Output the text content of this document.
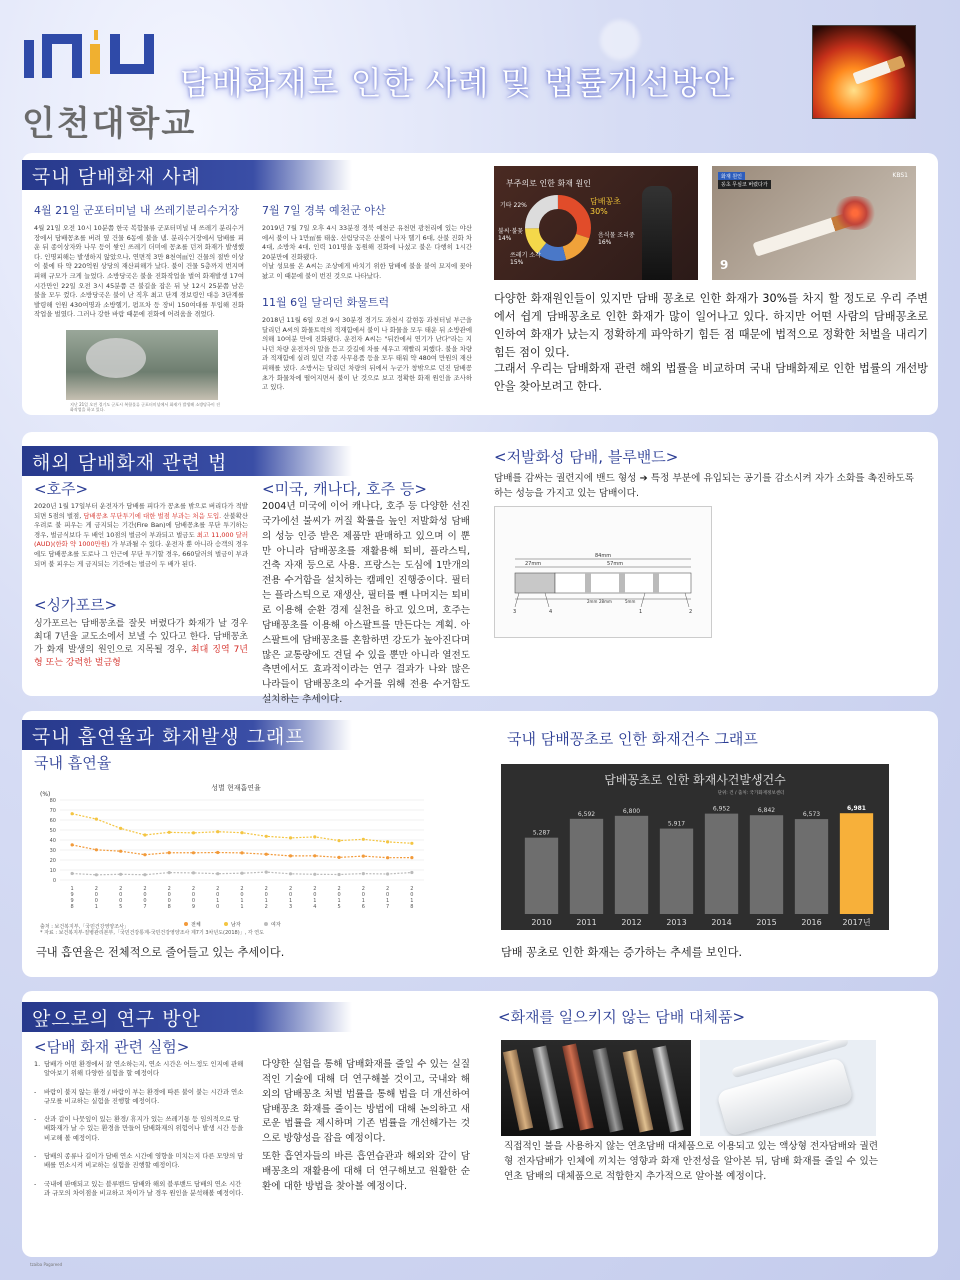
인천대학교
담배화재로 인한 사례 및 법률개선방안
국내 담배화재 사례
4월 21일 군포터미널 내 쓰레기분리수거장
4월 21일 오전 10시 10분쯤 한국 복합물류 군포터미널 내 쓰레기 분리수거장에서 담배꽁초를 버려 옆 건물 6동에 불을 냄. 분리수거장에서 담배를 피운 뒤 종이상자와 나무 등이 쌓인 쓰레기 더미에 꽁초를 던져 화재가 발생했다. 인명피해는 발생하지 않았으나, 연면적 3만 8천여㎡인 건물의 절반 이상이 불에 타 약 220억원 상당의 재산피해가 났다. 불이 건물 5층까지 번지며 피해 규모가 크게 늘었다. 소방당국은 불을 진화작업을 벌여 화재발생 17여시간만인 22일 오전 3시 45분쯤 큰 불길을 잡은 뒤 낮 12시 25분쯤 남은 불을 모두 껐다. 소방당국은 불이 난 직후 최고 단계 경보령인 대응 3단계를 발령해 인원 430여명과 소방헬기, 펌프차 등 장비 150여대를 투입해 진화작업을 벌였다. 그러나 강한 바람 때문에 진화에 어려움을 겪었다.
지난 21일 오전 경기도 군포시 복합물류 군포터미널에서 화재가 발생해 소방당국이 진화작업을 하고 있다.
7월 7일 경북 예천군 야산
2019년 7월 7일 오후 4시 33분경 경북 예천군 유천면 광천리에 있는 야산에서 불이 나 1만㎡를 태움. 산림당국은 산불이 나자 헬기 6대, 산불 진화 차 4대, 소방차 4대, 인력 101명을 동원해 진화에 나섰고 불은 다행히 1시간 20분만에 진화됐다.
이날 성묘를 온 A씨는 조상에게 바치기 위한 담배에 불을 붙여 묘지에 꽂아 놨고 이 때문에 불이 번진 것으로 나타났다.
11월 6일 달리던 화물트럭
2018년 11월 6일 오전 9시 30분경 경기도 과천시 갈현동 과천터널 부근을 달리던 A씨의 화물트럭의 적재함에서 불이 나 화물을 모두 태운 뒤 소방관에 의해 10여분 만에 진화됐다. 운전자 A씨는 "뒤칸에서 연기가 난다"라는 지나던 차량 운전자의 말을 듣고 갓길에 차를 세우고 재빨리 피했다. 불을 차량과 적재함에 실려 있던 각종 사무용품 등을 모두 태워 약 480여 만원의 재산피해를 냈다. 소방서는 달리던 차량의 뒤에서 누군가 창밖으로 던진 담배꽁초가 화물차에 떨어지면서 불이 난 것으로 보고 정확한 화재 원인을 조사하고 있다.
부주의로 인한 화재 원인
기타 22%
불씨·불꽃 14%
쓰레기 소각 15%
음식물 조리중 16%
담배꽁초 30%
화재 원인
꽁초 무심코 버렸다가
KBS1
9
다양한 화재원인들이 있지만 담배 꽁초로 인한 화재가 30%를 차지 할 정도로 우리 주변에서 쉽게 담배꽁초로 인한 화재가 많이 일어나고 있다. 하지만 어떤 사람의 담배꽁초로 인하여 화재가 났는지 정확하게 파악하기 힘든 점 때문에 법적으로 정확한 처벌을 내리기 힘든 점이 있다.
그래서 우리는 담배화재 관련 해외 법률을 비교하며 국내 담배화제로 인한 법률의 개선방안을 찾아보려고 한다.
해외 담배화재 관련 법
<호주>
2020년 1월 17일부터 운전자가 담배를 피다가 꽁초를 밖으로 버리다가 적발되면 5점의 벌점, 담배꽁초 무단투기에 대한 벌점 부과는 처음 도입. 산불확산 우려로 불 피우는 게 금지되는 기간(Fire Ban)에 담배꽁초를 무단 투기하는 경우, 벌금식보다 두 배인 10점의 벌금이 부과되고 벌금도 최고 11,000 달러(AUD)(한화 약 1000만원) 가 부과될 수 있다. 운전자 뿐 아니라 승객의 경우에도 담배꽁초를 도로나 그 인근에 무단 투기할 경우, 660달러의 벌금이 부과되며 불 피우는 게 금지되는 기간에는 벌금이 두 배가 된다.
<싱가포르>
싱가포르는 담배꽁초를 잘못 버렸다가 화재가 날 경우 최대 7년을 교도소에서 보낼 수 있다고 한다. 담배꽁초가 화재 발생의 원인으로 지목될 경우, 최대 징역 7년형 또는 강력한 벌금형
<미국, 캐나다, 호주 등>
2004년 미국에 이어 캐나다, 호주 등 다양한 선진국가에선 불씨가 꺼질 확률을 높인 저발화성 담배의 성능 인증 받은 제품만 판매하고 있으며 이 뿐만 아니라 담배꽁초를 재활용해 퇴비, 플라스틱, 건축 자재 등으로 사용. 프랑스는 도심에 1만개의 전용 수거함을 설치하는 캠페인 진행중이다. 필터는 플라스틱으로 재생산, 필터를 뺀 나머지는 퇴비로 이용해 순환 경제 실천을 하고 있으며, 호주는 담배꽁초를 이용해 아스팔트를 만든다는 계획. 아스팔트에 담배꽁초를 혼합하면 강도가 높아진다며 많은 교통량에도 견딜 수 있을 뿐만 아니라 열전도 측면에서도 효과적이라는 연구 결과가 나와 많은 나라들이 담배꽁초의 수거를 위해 전용 수거함도 설치하는 추세이다.
<저발화성 담배, 블루밴드>
담배를 감싸는 궐련지에 밴드 형성 ➔ 특정 부분에 유입되는 공기를 감소시켜 자가 소화를 촉진하도록 하는 성능을 가지고 있는 담배이다.
84mm
27mm	57mm
2mm 28mm	5mm
3	4	1	2
국내 흡연율과 화재발생 그래프
국내 흡연율
국내 담배꽁초로 인한 화재건수 그래프
성별 현재흡연율
(%)
0
10
20
30
40
50
60
70
80
1 9 9 8
2 0 0 1
2 0 0 5
2 0 0 7
2 0 0 8
2 0 0 9
2 0 1 0
2 0 1 1
2 0 1 2
2 0 1 3
2 0 1 4
2 0 1 5
2 0 1 6
2 0 1 7
2 0 1 8
전체	남자	여자
출처 : 보건복지부,「국민건강영양조사」
* 자료 : 보건복지부·질병관리본부,「국민건강통계-국민건강영양조사 제7기 3차년도(2018)」, 각 연도
극내 흡연율은 전체적으로 줄어들고 있는 추세이다.
담배꽁초로 인한 화재사건발생건수
단위: 건 / 출처: 국가화재정보센터
5,287
2010
6,592
2011
6,800
2012
5,917
2013
6,952
2014
6,842
2015
6,573
2016
6,981
2017년
담배 꽁초로 인한 화재는 증가하는 추세를 보인다.
앞으로의 연구 방안
<담배 화재 관련 실험>
1. 담배가 어떤 환경에서 잘 연소하는지, 연소 시간은 어느정도 인지에 관해 알아보기 위해 다양한 실험을 할 예정이다
- 바람이 불지 않는 환경 / 바람이 부는 환경에 따른 불이 붙는 시간과 연소 규모를 비교하는 실험을 진행할 예정이다.
- 산과 같이 나뭇잎이 있는 환경/ 휴지가 있는 쓰레기통 등 임의적으로 담배화재가 날 수 있는 환경을 만들어 담배화재의 위험이나 발생 시간 등을 비교해 볼 예정이다.
- 담배의 종류나 길이가 담배 연소 시간에 영향을 미치는지 다른 모양의 담배를 연소시켜 비교하는 실험을 진행할 예정이다.
- 국내에 판매되고 있는 블루밴드 담배와 해외 블루밴드 담배의 연소 시간과 규모의 차이점을 비교하고 차이가 날 경우 원인을 분석해볼 예정이다.
다양한 실험을 통해 담배화재를 줄일 수 있는 실질적인 기술에 대해 더 연구해볼 것이고, 국내와 해외의 담배꽁초 처벌 법률을 통해 법을 더 개선하여 담배꽁초 화재를 줄이는 방법에 대해 논의하고 새로운 법률을 제시하며 기존 법률을 개선해가는 것으로 방향성을 잡을 예정이다.
또한 흡연자들의 바른 흡연습관과 해외와 같이 담배꽁초의 재활용에 대해 더 연구해보고 원활한 순환에 대한 방법을 찾아볼 예정이다.
<화재를 일으키지 않는 담배 대체품>
직접적인 불을 사용하지 않는 연초담배 대체품으로 이용되고 있는 액상형 전자담배와 궐련형 전자담배가 인체에 끼치는 영향과 화재 안전성을 알아본 뒤, 담배 화재를 줄일 수 있는 연초 담배의 대체품으로 적합한지 추가적으로 알아볼 예정이다.
tzaiba Pagareed
